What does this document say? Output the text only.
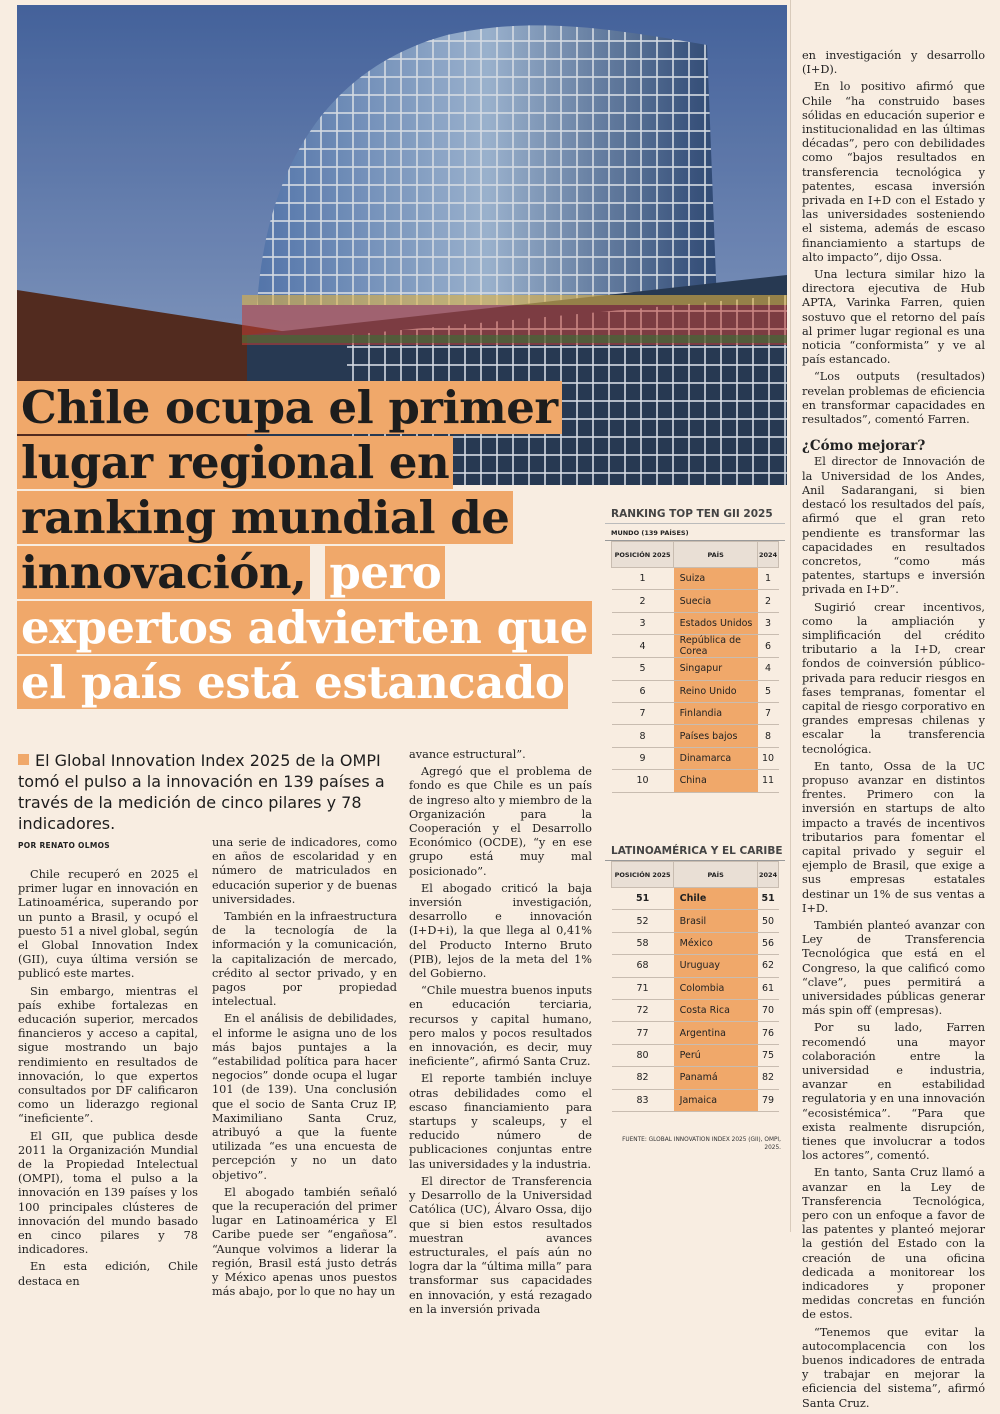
Chile ocupa el primer lugar regional en ranking mundial de innovación, pero expertos advierten que el país está estancado
El Global Innovation Index 2025 de la OMPI tomó el pulso a la innovación en 139 países a través de la medición de cinco pilares y 78 indicadores.
POR RENATO OLMOS

Chile recuperó en 2025 el primer lugar en innovación en Latinoamérica, superando por un punto a Brasil, y ocupó el puesto 51 a nivel global, según el Global Innovation Index (GII), cuya última versión se publicó este martes.

Sin embargo, mientras el país exhibe fortalezas en educación superior, mercados financieros y acceso a capital, sigue mostrando un bajo rendimiento en resultados de innovación, lo que expertos consultados por DF calificaron como un liderazgo regional “ineficiente”.

El GII, que publica desde 2011 la Organización Mundial de la Propiedad Intelectual (OMPI), toma el pulso a la innovación en 139 países y los 100 principales clústeres de innovación del mundo basado en cinco pilares y 78 indicadores.

En esta edición, Chile destaca en

una serie de indicadores, como en años de escolaridad y en número de matriculados en educación superior y de buenas universidades.

También en la infraestructura de la tecnología de la información y la comunicación, la capitalización de mercado, crédito al sector privado, y en pagos por propiedad intelectual.

En el análisis de debilidades, el informe le asigna uno de los más bajos puntajes a la “estabilidad política para hacer negocios” donde ocupa el lugar 101 (de 139). Una conclusión que el socio de Santa Cruz IP, Maximiliano Santa Cruz, atribuyó a que la fuente utilizada “es una encuesta de percepción y no un dato objetivo”.

El abogado también señaló que la recuperación del primer lugar en Latinoamérica y El Caribe puede ser “engañosa”. “Aunque volvimos a liderar la región, Brasil está justo detrás y México apenas unos puestos más abajo, por lo que no hay un

avance estructural”.

Agregó que el problema de fondo es que Chile es un país de ingreso alto y miembro de la Organización para la Cooperación y el Desarrollo Económico (OCDE), “y en ese grupo está muy mal posicionado”.

El abogado criticó la baja inversión investigación, desarrollo e innovación (I+D+i), la que llega al 0,41% del Producto Interno Bruto (PIB), lejos de la meta del 1% del Gobierno.

“Chile muestra buenos inputs en educación terciaria, recursos y capital humano, pero malos y pocos resultados en innovación, es decir, muy ineficiente”, afirmó Santa Cruz.

El reporte también incluye otras debilidades como el escaso financiamiento para startups y scaleups, y el reducido número de publicaciones conjuntas entre las universidades y la industria.

El director de Transferencia y Desarrollo de la Universidad Católica (UC), Álvaro Ossa, dijo que si bien estos resultados muestran avances estructurales, el país aún no logra dar la “última milla” para transformar sus capacidades en innovación, y está rezagado en la inversión privada

en investigación y desarrollo (I+D).

En lo positivo afirmó que Chile “ha construido bases sólidas en educación superior e institucionalidad en las últimas décadas”, pero con debilidades como “bajos resultados en transferencia tecnológica y patentes, escasa inversión privada en I+D con el Estado y las universidades sosteniendo el sistema, además de escaso financiamiento a startups de alto impacto”, dijo Ossa.

Una lectura similar hizo la directora ejecutiva de Hub APTA, Varinka Farren, quien sostuvo que el retorno del país al primer lugar regional es una noticia “conformista” y ve al país estancado.

“Los outputs (resultados) revelan problemas de eficiencia en transformar capacidades en resultados”, comentó Farren.

¿Cómo mejorar?

El director de Innovación de la Universidad de los Andes, Anil Sadarangani, si bien destacó los resultados del país, afirmó que el gran reto pendiente es transformar las capacidades en resultados concretos, “como más patentes, startups e inversión privada en I+D”.

Sugirió crear incentivos, como la ampliación y simplificación del crédito tributario a la I+D, crear fondos de coinversión público-privada para reducir riesgos en fases tempranas, fomentar el capital de riesgo corporativo en grandes empresas chilenas y escalar la transferencia tecnológica.

En tanto, Ossa de la UC propuso avanzar en distintos frentes. Primero con la inversión en startups de alto impacto a través de incentivos tributarios para fomentar el capital privado y seguir el ejemplo de Brasil, que exige a sus empresas estatales destinar un 1% de sus ventas a I+D.

También planteó avanzar con Ley de Transferencia Tecnológica que está en el Congreso, la que calificó como “clave”, pues permitirá a universidades públicas generar más spin off (empresas).

Por su lado, Farren recomendó una mayor colaboración entre la universidad e industria, avanzar en estabilidad regulatoria y en una innovación “ecosistémica”. “Para que exista realmente disrupción, tienes que involucrar a todos los actores”, comentó.

En tanto, Santa Cruz llamó a avanzar en la Ley de Transferencia Tecnológica, pero con un enfoque a favor de las patentes y planteó mejorar la gestión del Estado con la creación de una oficina dedicada a monitorear los indicadores y proponer medidas concretas en función de estos.

“Tenemos que evitar la autocomplacencia con los buenos indicadores de entrada y trabajar en mejorar la eficiencia del sistema”, afirmó Santa Cruz.

RANKING TOP TEN GII 2025
MUNDO (139 PAÍSES)
POSICIÓN 2025	PAÍS	2024
1	Suiza	1
2	Suecia	2
3	Estados Unidos	3
4	República de Corea	6
5	Singapur	4
6	Reino Unido	5
7	Finlandia	7
8	Países bajos	8
9	Dinamarca	10
10	China	11
LATINOAMÉRICA Y EL CARIBE
POSICIÓN 2025	PAÍS	2024
51	Chile	51
52	Brasil	50
58	México	56
68	Uruguay	62
71	Colombia	61
72	Costa Rica	70
77	Argentina	76
80	Perú	75
82	Panamá	82
83	Jamaica	79
FUENTE: GLOBAL INNOVATION INDEX 2025 (GII), OMPI, 2025.
